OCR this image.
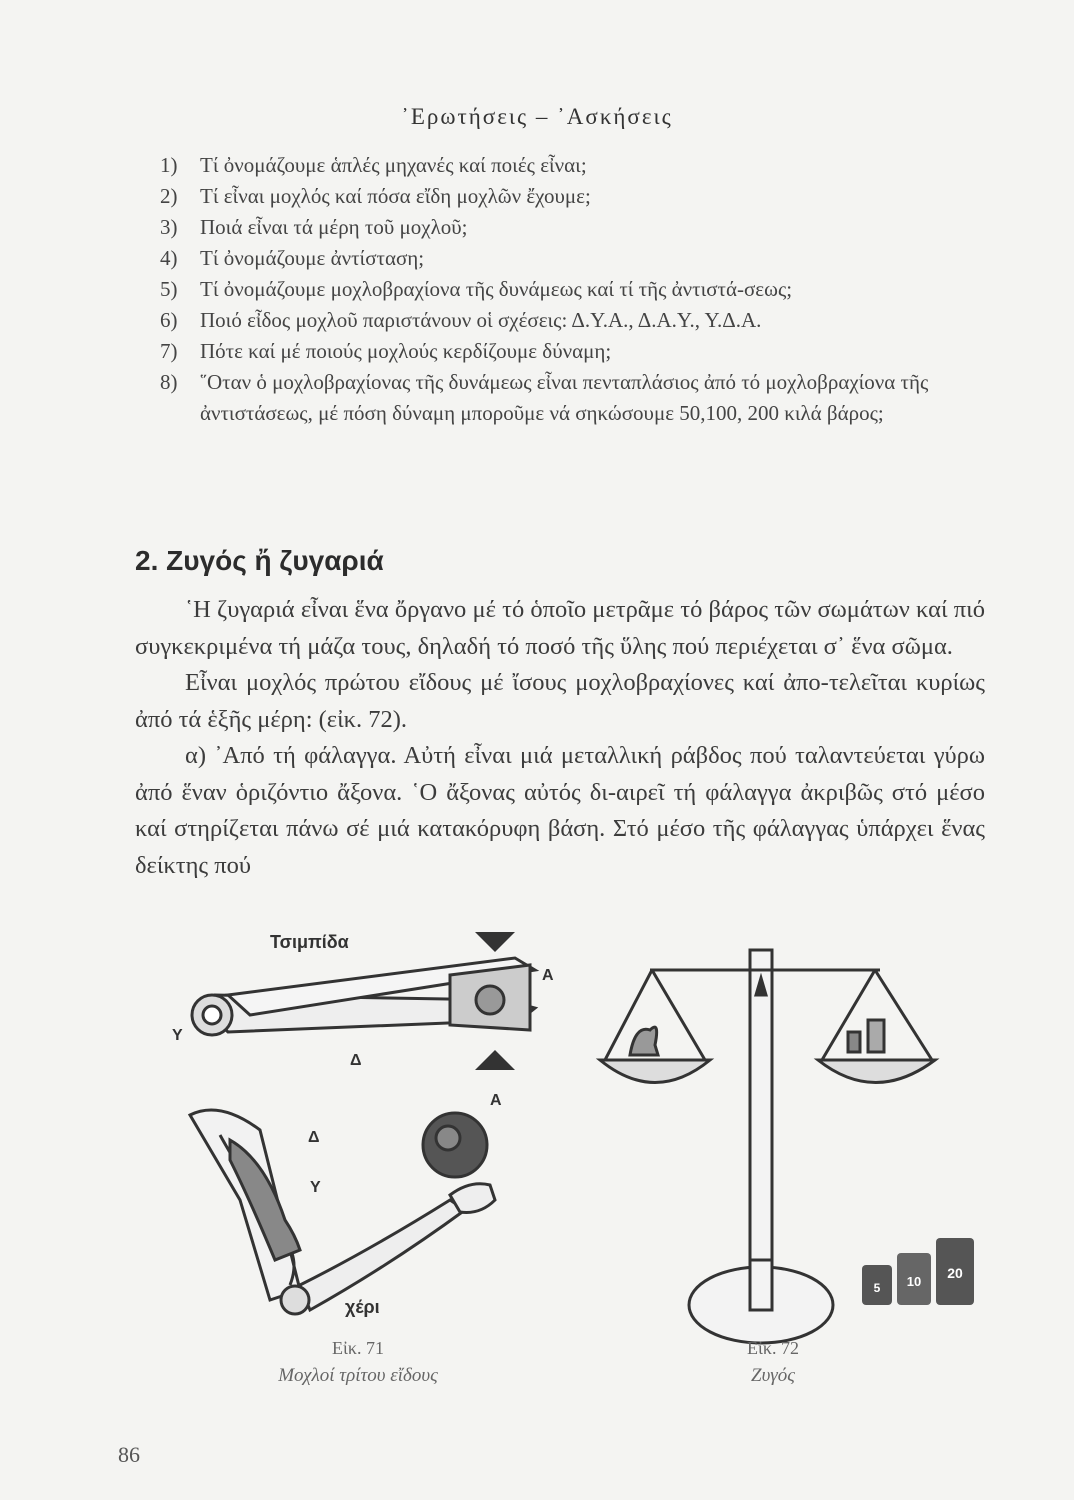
᾿Ερωτήσεις – ᾿Ασκήσεις
1) Τί ὀνομάζουμε ἁπλές μηχανές καί ποιές εἶναι;
2) Τί εἶναι μοχλός καί πόσα εἴδη μοχλῶν ἔχουμε;
3) Ποιά εἶναι τά μέρη τοῦ μοχλοῦ;
4) Τί ὀνομάζουμε ἀντίσταση;
5) Τί ὀνομάζουμε μοχλοβραχίονα τῆς δυνάμεως καί τί τῆς ἀντιστά-σεως;
6) Ποιό εἶδος μοχλοῦ παριστάνουν οἱ σχέσεις: Δ.Υ.Α., Δ.Α.Υ., Υ.Δ.Α.
7) Πότε καί μέ ποιούς μοχλούς κερδίζουμε δύναμη;
8) ῞Οταν ὁ μοχλοβραχίονας τῆς δυνάμεως εἶναι πενταπλάσιος ἀπό τό μοχλοβραχίονα τῆς ἀντιστάσεως, μέ πόση δύναμη μποροῦμε νά σηκώσουμε 50,100, 200 κιλά βάρος;
2. Ζυγός ἤ ζυγαριά

῾Η ζυγαριά εἶναι ἕνα ὄργανο μέ τό ὁποῖο μετρᾶμε τό βάρος τῶν σωμάτων καί πιό συγκεκριμένα τή μάζα τους, δηλαδή τό ποσό τῆς ὕλης πού περιέχεται σ᾽ ἕνα σῶμα.

Εἶναι μοχλός πρώτου εἴδους μέ ἴσους μοχλοβραχίονες καί ἀπο-τελεῖται κυρίως ἀπό τά ἑξῆς μέρη: (εἰκ. 72).

α) ᾿Από τή φάλαγγα. Αὐτή εἶναι μιά μεταλλική ράβδος πού ταλαντεύεται γύρω ἀπό ἕναν ὁριζόντιο ἄξονα. ῾Ο ἄξονας αὐτός δι-αιρεῖ τή φάλαγγα ἀκριβῶς στό μέσο καί στηρίζεται πάνω σέ μιά κατακόρυφη βάση. Στό μέσο τῆς φάλαγγας ὑπάρχει ἕνας δείκτης πού

Τσιμπίδα
Α
Υ
Δ
Α
Δ
Υ
χέρι
5 10
20
Εἰκ. 71
Μοχλοί τρίτου εἴδους
Εἰκ. 72
Ζυγός
86
